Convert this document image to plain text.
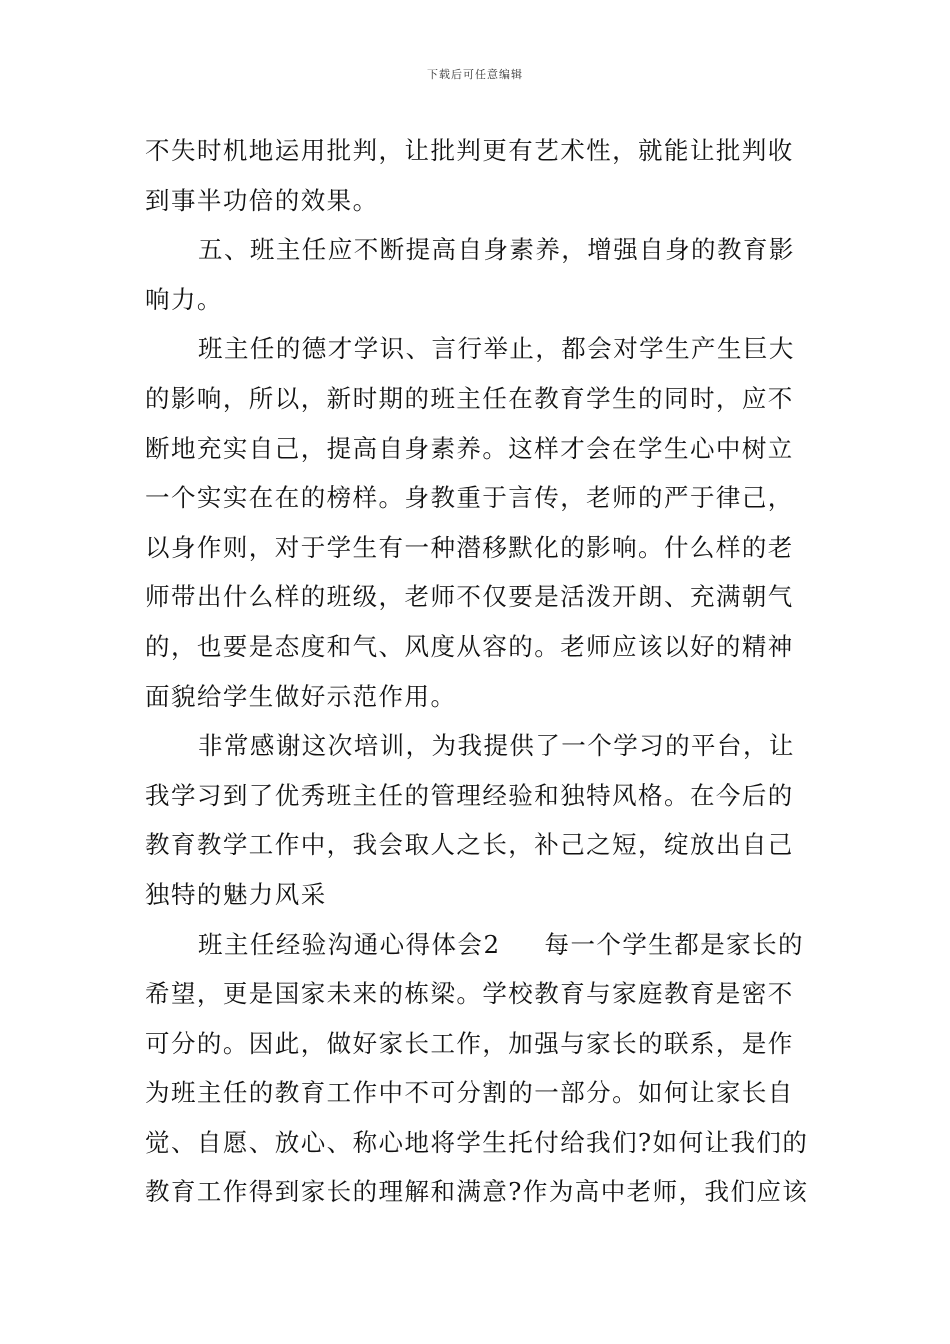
下载后可任意编辑
不失时机地运用批判，让批判更有艺术性，就能让批判收
到事半功倍的效果。
五、班主任应不断提高自身素养，增强自身的教育影
响力。
班主任的德才学识、言行举止，都会对学生产生巨大
的影响，所以，新时期的班主任在教育学生的同时，应不
断地充实自己，提高自身素养。这样才会在学生心中树立
一个实实在在的榜样。身教重于言传，老师的严于律己，
以身作则，对于学生有一种潜移默化的影响。什么样的老
师带出什么样的班级，老师不仅要是活泼开朗、充满朝气
的，也要是态度和气、风度从容的。老师应该以好的精神
面貌给学生做好示范作用。
非常感谢这次培训，为我提供了一个学习的平台，让
我学习到了优秀班主任的管理经验和独特风格。在今后的
教育教学工作中，我会取人之长，补己之短，绽放出自己
独特的魅力风采
班主任经验沟通心得体会2 每一个学生都是家长的
希望，更是国家未来的栋梁。学校教育与家庭教育是密不
可分的。因此，做好家长工作，加强与家长的联系，是作
为班主任的教育工作中不可分割的一部分。如何让家长自
觉、自愿、放心、称心地将学生托付给我们?如何让我们的
教育工作得到家长的理解和满意?作为高中老师，我们应该
